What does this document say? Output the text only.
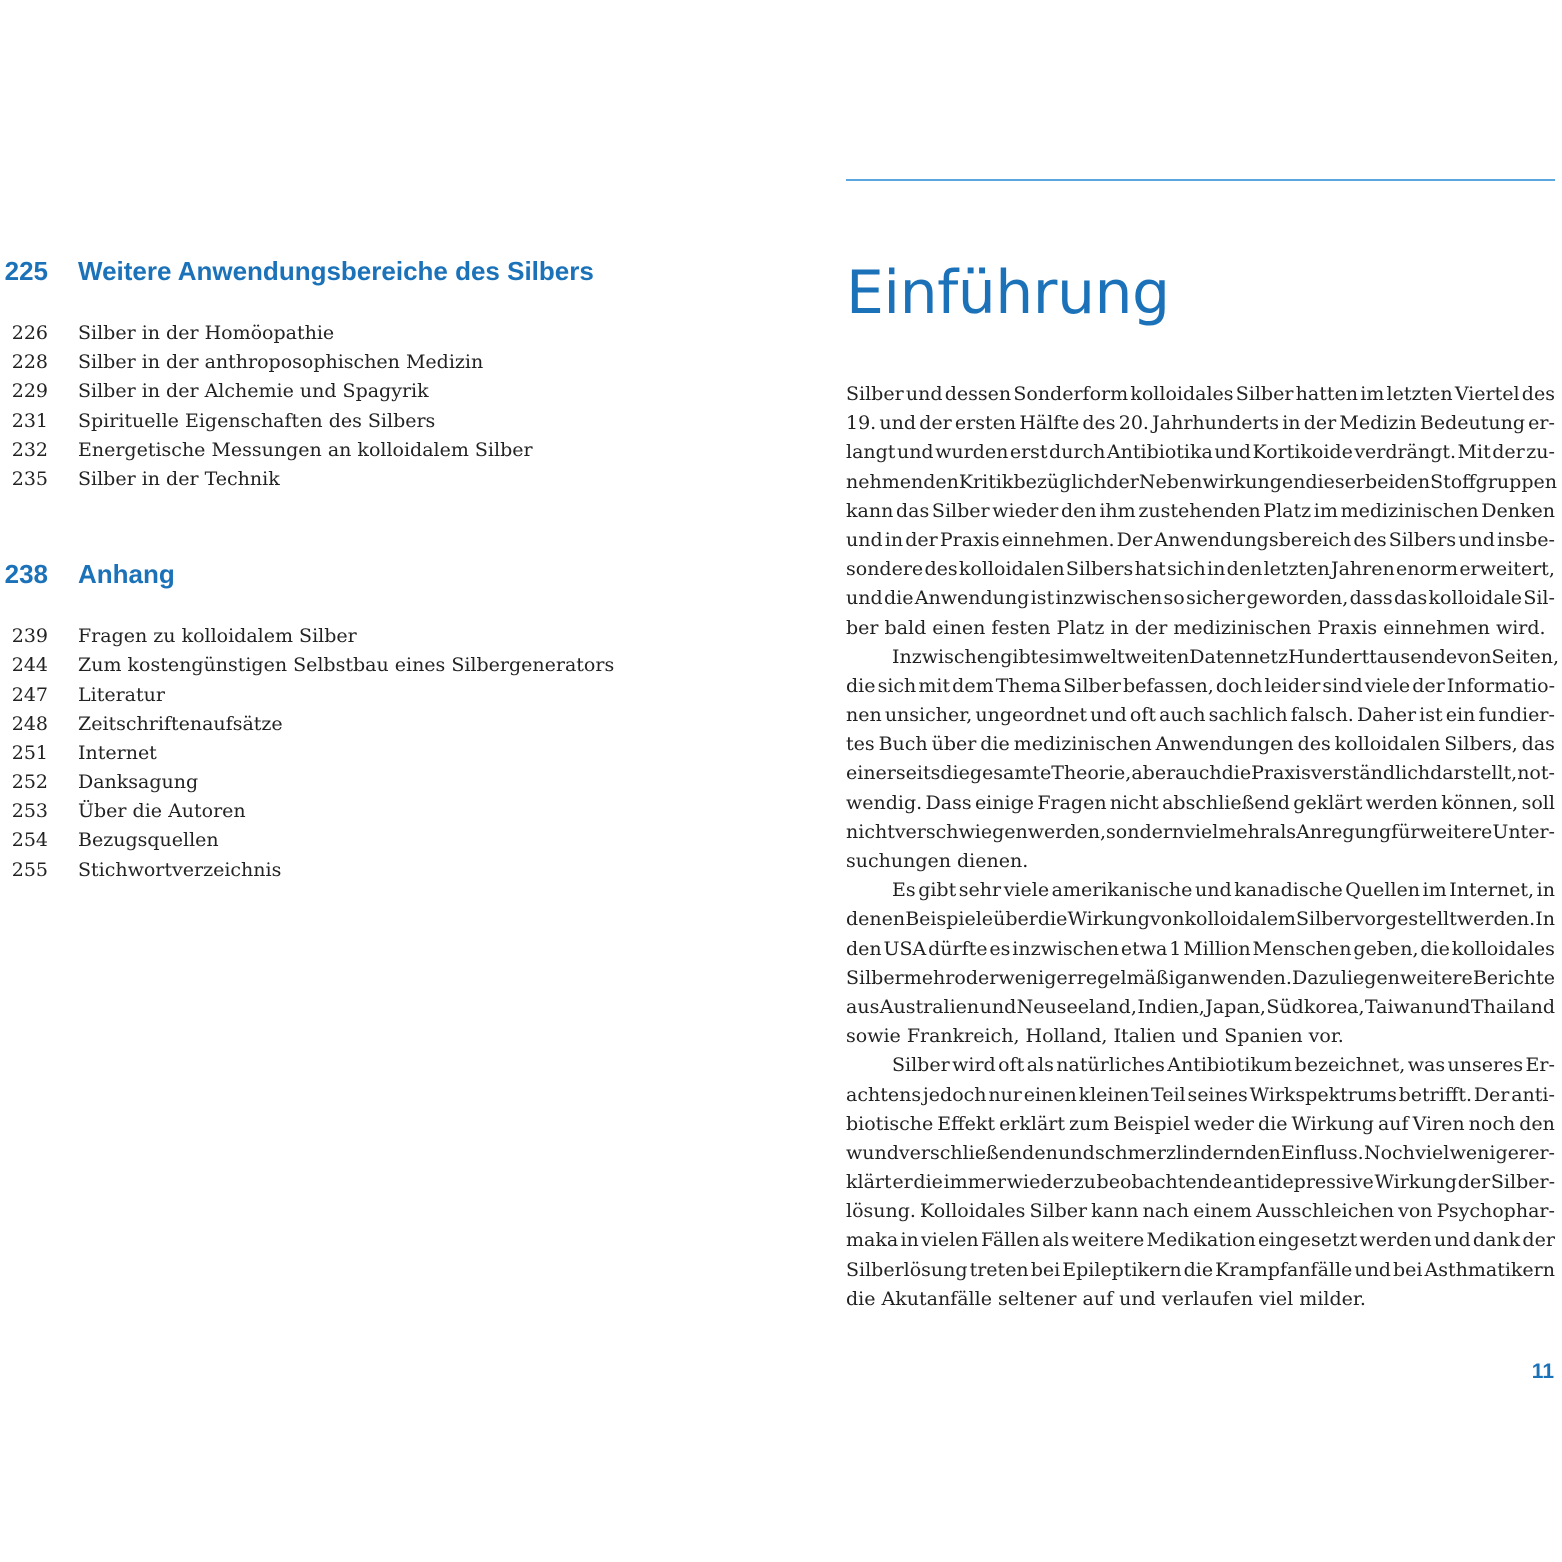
225 Weitere Anwendungsbereiche des Silbers
226 Silber in der Homöopathie
228 Silber in der anthroposophischen Medizin
229 Silber in der Alchemie und Spagyrik
231 Spirituelle Eigenschaften des Silbers
232 Energetische Messungen an kolloidalem Silber
235 Silber in der Technik
238 Anhang
239 Fragen zu kolloidalem Silber
244 Zum kostengünstigen Selbstbau eines Silbergenerators
247 Literatur
248 Zeitschriftenaufsätze
251 Internet
252 Danksagung
253 Über die Autoren
254 Bezugsquellen
255 Stichwortverzeichnis
Einführung
Silber und dessen Sonderform kolloidales Silber hatten im letzten Viertel des
19. und der ersten Hälfte des 20. Jahrhunderts in der Medizin Bedeutung er-
langt und wurden erst durch Antibiotika und Kortikoide verdrängt. Mit der zu-
nehmenden Kritik bezüglich der Nebenwirkungen dieser beiden Stoffgruppen
kann das Silber wieder den ihm zustehenden Platz im medizinischen Denken
und in der Praxis einnehmen. Der Anwendungsbereich des Silbers und insbe-
sondere des kolloidalen Silbers hat sich in den letzten Jahren enorm erweitert,
und die Anwendung ist inzwischen so sicher geworden, dass das kolloidale Sil-
ber bald einen festen Platz in der medizinischen Praxis einnehmen wird.
Inzwischen gibt es im weltweiten Datennetz Hunderttausende von Seiten,
die sich mit dem Thema Silber befassen, doch leider sind viele der Informatio-
nen unsicher, ungeordnet und oft auch sachlich falsch. Daher ist ein fundier-
tes Buch über die medizinischen Anwendungen des kolloidalen Silbers, das
einerseits die gesamte Theorie, aber auch die Praxis verständlich darstellt, not-
wendig. Dass einige Fragen nicht abschließend geklärt werden können, soll
nicht verschwiegen werden, sondern vielmehr als Anregung für weitere Unter-
suchungen dienen.
Es gibt sehr viele amerikanische und kanadische Quellen im Internet, in
denen Beispiele über die Wirkung von kolloidalem Silber vorgestellt werden. In
den USA dürfte es inzwischen etwa 1 Million Menschen geben, die kolloidales
Silber mehr oder weniger regelmäßig anwenden. Dazu liegen weitere Berichte
aus Australien und Neuseeland, Indien, Japan, Südkorea, Taiwan und Thailand
sowie Frankreich, Holland, Italien und Spanien vor.
Silber wird oft als natürliches Antibiotikum bezeichnet, was unseres Er-
achtens jedoch nur einen kleinen Teil seines Wirkspektrums betrifft. Der anti-
biotische Effekt erklärt zum Beispiel weder die Wirkung auf Viren noch den
wundverschließenden und schmerzlindernden Einfluss. Noch viel weniger er-
klärt er die immer wieder zu beobachtende antidepressive Wirkung der Silber-
lösung. Kolloidales Silber kann nach einem Ausschleichen von Psychophar-
maka in vielen Fällen als weitere Medikation eingesetzt werden und dank der
Silberlösung treten bei Epileptikern die Krampfanfälle und bei Asthmatikern
die Akutanfälle seltener auf und verlaufen viel milder.
11
